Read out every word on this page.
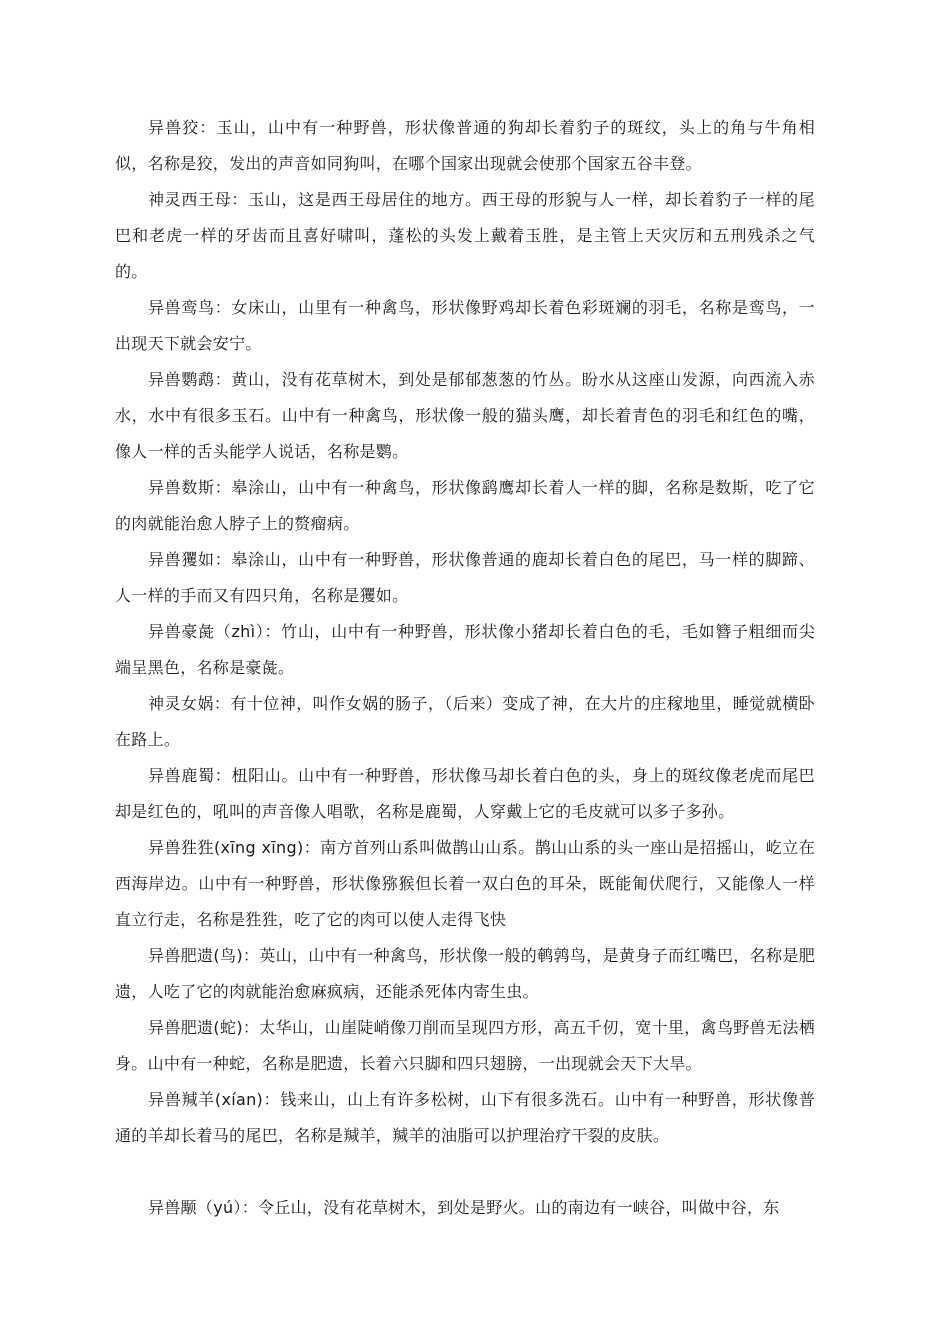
异兽狡：玉山，山中有一种野兽，形状像普通的狗却长着豹子的斑纹，头上的角与牛角相似，名称是狡，发出的声音如同狗叫，在哪个国家出现就会使那个国家五谷丰登。

神灵西王母：玉山，这是西王母居住的地方。西王母的形貌与人一样，却长着豹子一样的尾巴和老虎一样的牙齿而且喜好啸叫，蓬松的头发上戴着玉胜，是主管上天灾厉和五刑残杀之气的。

异兽鸾鸟：女床山，山里有一种禽鸟，形状像野鸡却长着色彩斑斓的羽毛，名称是鸾鸟，一出现天下就会安宁。

异兽鹦鹉：黄山，没有花草树木，到处是郁郁葱葱的竹丛。盼水从这座山发源，向西流入赤水，水中有很多玉石。山中有一种禽鸟，形状像一般的猫头鹰，却长着青色的羽毛和红色的嘴，像人一样的舌头能学人说话，名称是鹦。

异兽数斯：皋涂山，山中有一种禽鸟，形状像鹞鹰却长着人一样的脚，名称是数斯，吃了它的肉就能治愈人脖子上的赘瘤病。

异兽玃如：皋涂山，山中有一种野兽，形状像普通的鹿却长着白色的尾巴，马一样的脚蹄、人一样的手而又有四只角，名称是玃如。

异兽豪彘（zhì）：竹山，山中有一种野兽，形状像小猪却长着白色的毛，毛如簪子粗细而尖端呈黑色，名称是豪彘。

神灵女娲：有十位神，叫作女娲的肠子，（后来）变成了神，在大片的庄稼地里，睡觉就横卧在路上。

异兽鹿蜀：杻阳山。山中有一种野兽，形状像马却长着白色的头，身上的斑纹像老虎而尾巴却是红色的，吼叫的声音像人唱歌，名称是鹿蜀，人穿戴上它的毛皮就可以多子多孙。

异兽狌狌(xīng xīng)：南方首列山系叫做鹊山山系。鹊山山系的头一座山是招摇山，屹立在西海岸边。山中有一种野兽，形状像猕猴但长着一双白色的耳朵，既能匍伏爬行，又能像人一样直立行走，名称是狌狌，吃了它的肉可以使人走得飞快

异兽肥遗(鸟)：英山，山中有一种禽鸟，形状像一般的鹌鹑鸟，是黄身子而红嘴巴，名称是肥遗，人吃了它的肉就能治愈麻疯病，还能杀死体内寄生虫。

异兽肥遗(蛇)：太华山，山崖陡峭像刀削而呈现四方形，高五千仞，宽十里，禽鸟野兽无法栖身。山中有一种蛇，名称是肥遗，长着六只脚和四只翅膀，一出现就会天下大旱。

异兽羬羊(xían)：钱来山，山上有许多松树，山下有很多洗石。山中有一种野兽，形状像普通的羊却长着马的尾巴，名称是羬羊，羬羊的油脂可以护理治疗干裂的皮肤。

异兽颙（yú）：令丘山，没有花草树木，到处是野火。山的南边有一峡谷，叫做中谷，东
